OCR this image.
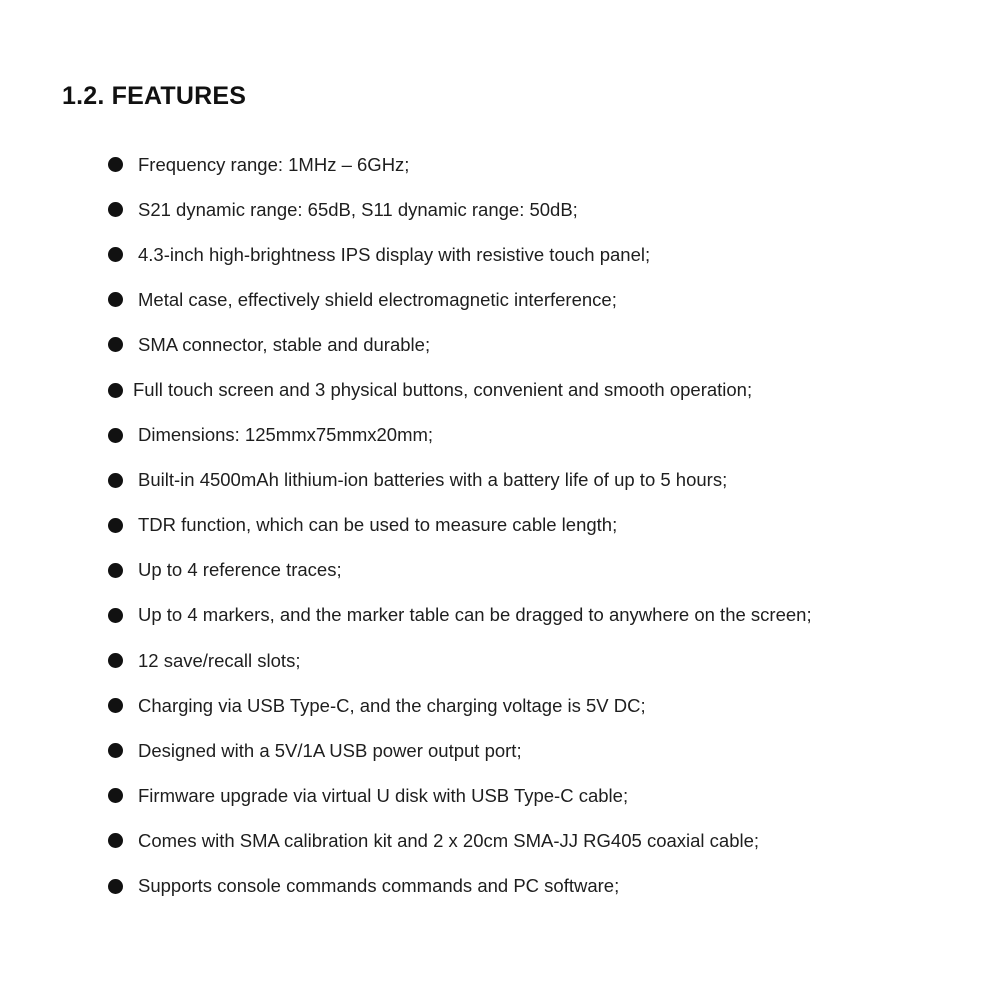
1.2. FEATURES
Frequency range: 1MHz – 6GHz;
S21 dynamic range: 65dB, S11 dynamic range: 50dB;
4.3-inch high-brightness IPS display with resistive touch panel;
Metal case, effectively shield electromagnetic interference;
SMA connector, stable and durable;
Full touch screen and 3 physical buttons, convenient and smooth operation;
Dimensions: 125mmx75mmx20mm;
Built-in 4500mAh lithium-ion batteries with a battery life of up to 5 hours;
TDR function, which can be used to measure cable length;
Up to 4 reference traces;
Up to 4 markers, and the marker table can be dragged to anywhere on the screen;
12 save/recall slots;
Charging via USB Type-C, and the charging voltage is 5V DC;
Designed with a 5V/1A USB power output port;
Firmware upgrade via virtual U disk with USB Type-C cable;
Comes with SMA calibration kit and 2 x 20cm SMA-JJ RG405 coaxial cable;
Supports console commands commands and PC software;
